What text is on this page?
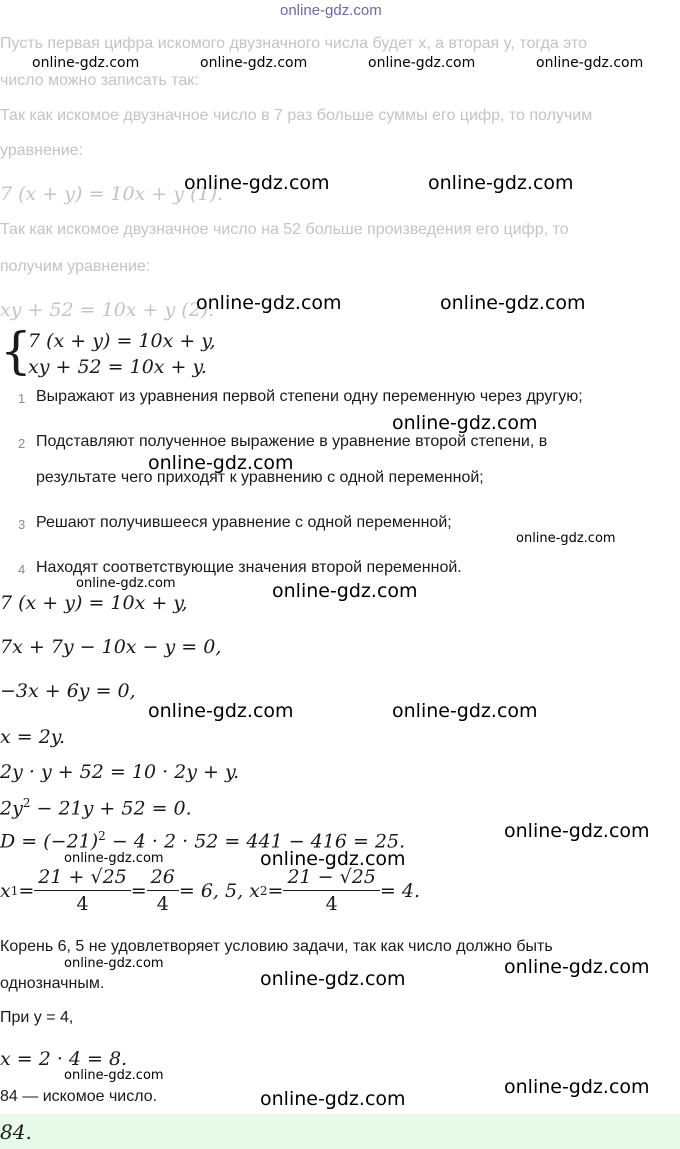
online-gdz.com
Пусть первая цифра искомого двузначного числа будет x, а вторая y, тогда это
число можно записать так:
Так как искомое двузначное число в 7 раз больше суммы его цифр, то получим
уравнение:
7 (x + y) = 10x + y (1).
Так как искомое двузначное число на 52 больше произведения его цифр, то
получим уравнение:
xy + 52 = 10x + y (2).
{
7 (x + y) = 10x + y,
xy + 52 = 10x + y.
1 Выражают из уравнения первой степени одну переменную через другую;
2 Подставляют полученное выражение в уравнение второй степени, в
результате чего приходят к уравнению с одной переменной;
3 Решают получившееся уравнение с одной переменной;
4 Находят соответствующие значения второй переменной.
7 (x + y) = 10x + y,
7x + 7y − 10x − y = 0,
−3x + 6y = 0,
x = 2y.
2y · y + 52 = 10 · 2y + y.
$2y^2 - 21y + 52 = 0$.
$D = (-21)^2 - 4 \cdot 2 \cdot 52 = 441 - 416 = 25$.
x $1 = \frac{21 + √25}{4} = \frac{26}{4} = 6$, 5, x $2 = \frac{21 - √25}{4} = 4$.
Корень 6, 5 не удовлетворяет условию задачи, так как число должно быть
однозначным.
При y = 4,
x = 2 · 4 = 8.
84 — искомое число.
84.
online-gdz.com	online-gdz.com	online-gdz.com	online-gdz.com
online-gdz.com	online-gdz.com
online-gdz.com	online-gdz.com
online-gdz.com
online-gdz.com
online-gdz.com
online-gdz.com	online-gdz.com
online-gdz.com	online-gdz.com
online-gdz.com
online-gdz.com	online-gdz.com
online-gdz.com	online-gdz.com
online-gdz.com
online-gdz.com
online-gdz.com
online-gdz.com
